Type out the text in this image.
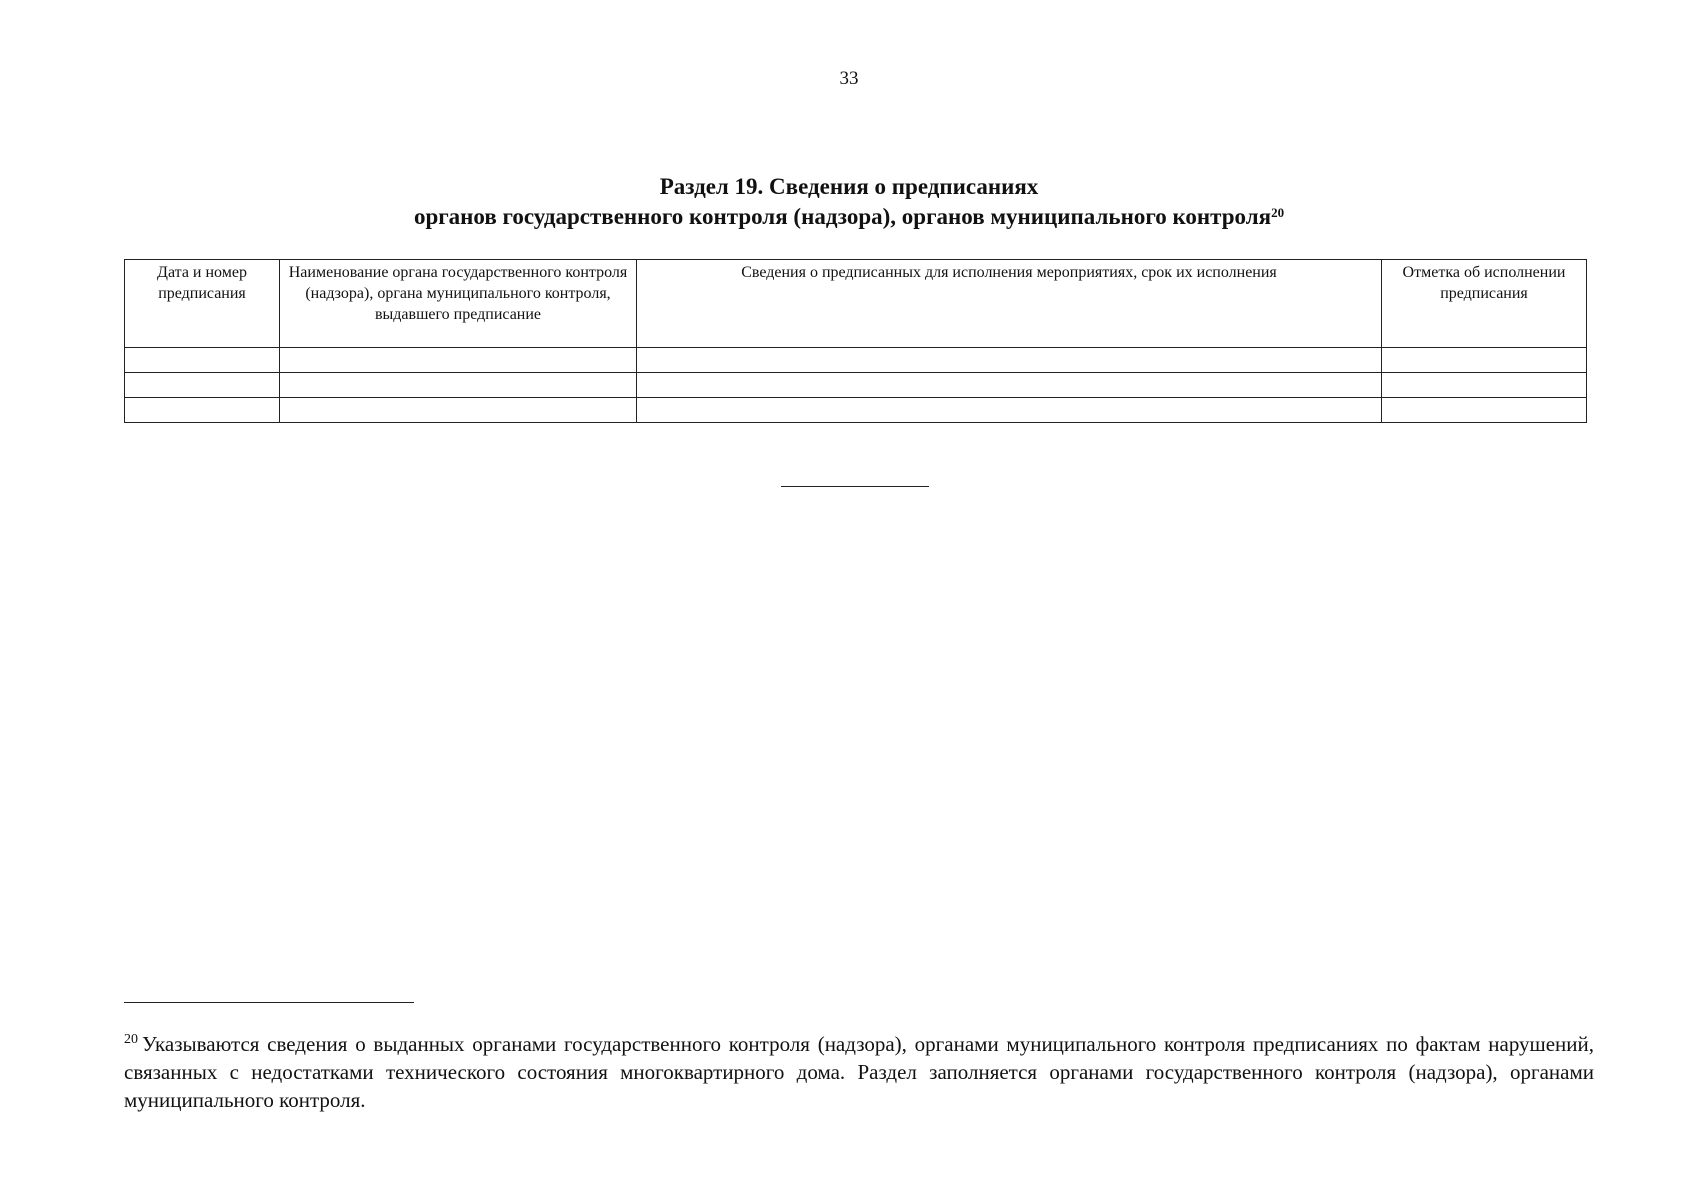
33
Раздел 19. Сведения о предписаниях
органов государственного контроля (надзора), органов муниципального контроля$^{20}$
Дата и номер предписания	Наименование органа государственного контроля (надзора), органа муниципального контроля, выдавшего предписание	Сведения о предписанных для исполнения мероприятиях, срок их исполнения	Отметка об исполнении предписания

$^{20}$ Указываются сведения о выданных органами государственного контроля (надзора), органами муниципального контроля предписаниях по фактам нарушений, связанных с недостатками технического состояния многоквартирного дома. Раздел заполняется органами государственного контроля (надзора), органами муниципального контроля.
